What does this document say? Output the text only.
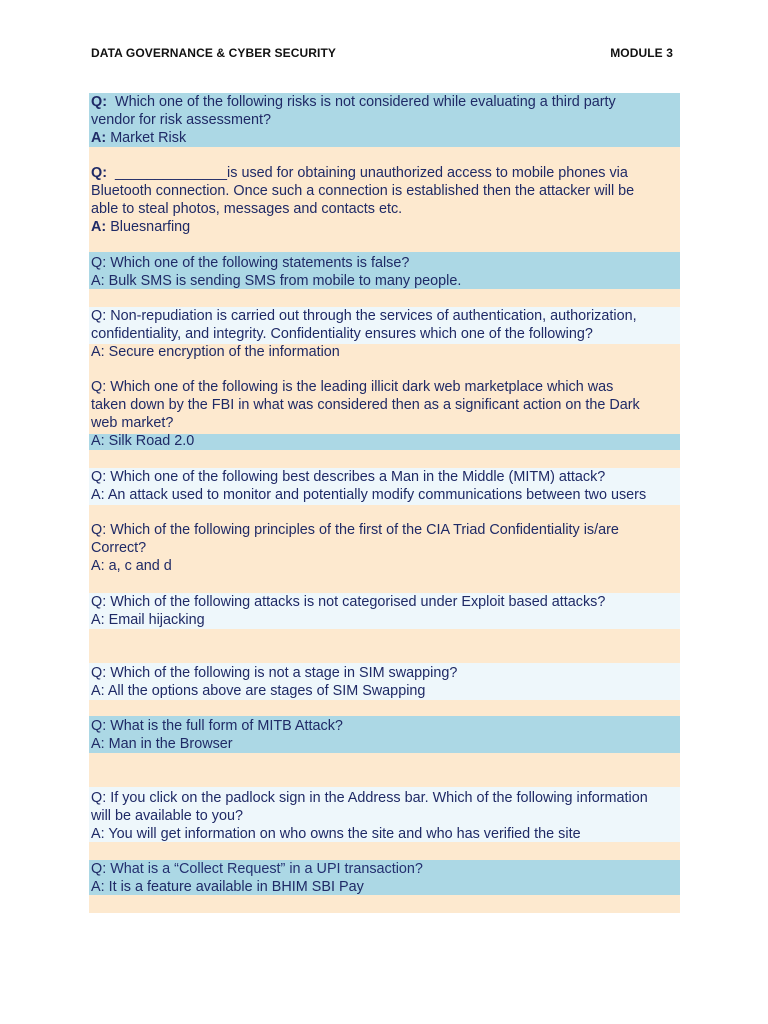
DATA GOVERNANCE & CYBER SECURITY	MODULE 3
Q: Which one of the following risks is not considered while evaluating a third party
vendor for risk assessment?
A: Market Risk
Q: ______________is used for obtaining unauthorized access to mobile phones via
Bluetooth connection. Once such a connection is established then the attacker will be
able to steal photos, messages and contacts etc.
A: Bluesnarfing
Q: Which one of the following statements is false?
A: Bulk SMS is sending SMS from mobile to many people.
Q: Non-repudiation is carried out through the services of authentication, authorization,
confidentiality, and integrity. Confidentiality ensures which one of the following?
A: Secure encryption of the information
Q: Which one of the following is the leading illicit dark web marketplace which was
taken down by the FBI in what was considered then as a significant action on the Dark
web market?
A: Silk Road 2.0
Q: Which one of the following best describes a Man in the Middle (MITM) attack?
A: An attack used to monitor and potentially modify communications between two users
Q: Which of the following principles of the first of the CIA Triad Confidentiality is/are
Correct?
A: a, c and d
Q: Which of the following attacks is not categorised under Exploit based attacks?
A: Email hijacking
Q: Which of the following is not a stage in SIM swapping?
A: All the options above are stages of SIM Swapping
Q: What is the full form of MITB Attack?
A: Man in the Browser
Q: If you click on the padlock sign in the Address bar. Which of the following information
will be available to you?
A: You will get information on who owns the site and who has verified the site
Q: What is a “Collect Request” in a UPI transaction?
A: It is a feature available in BHIM SBI Pay
